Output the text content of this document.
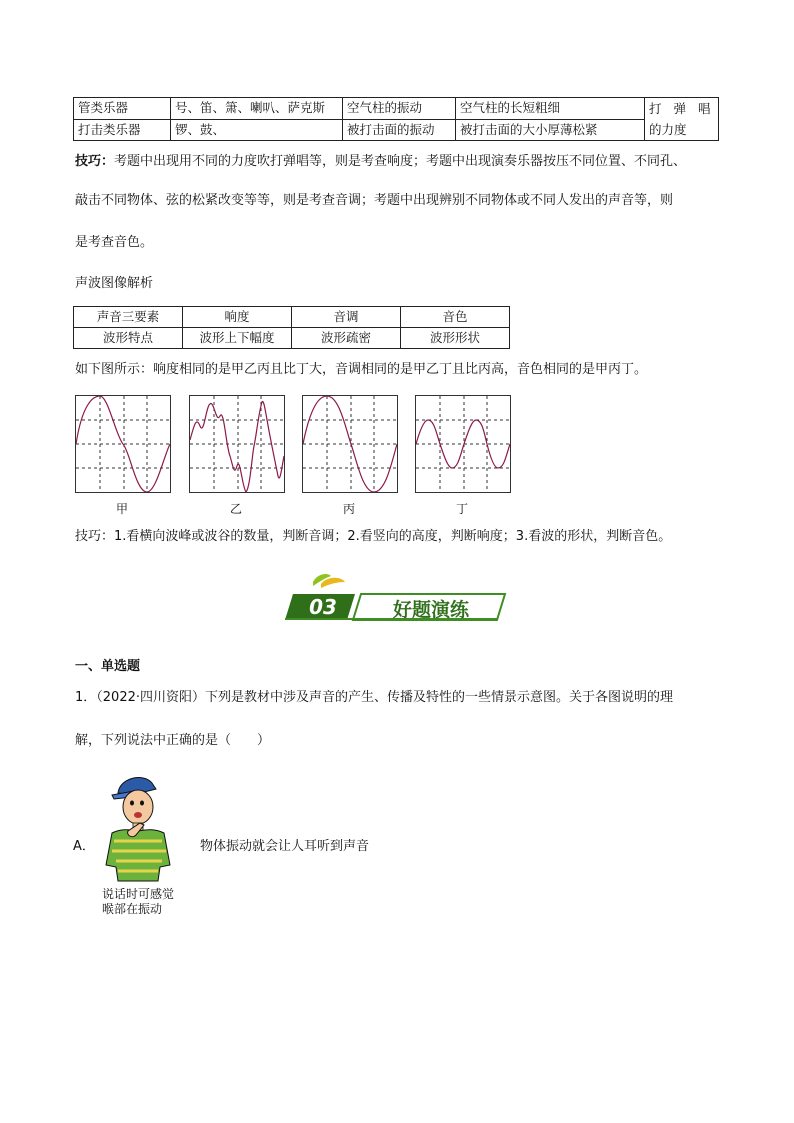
管类乐器	号、笛、箫、喇叭、萨克斯	空气柱的振动	空气柱的长短粗细	打 弹 唱
的力度

打击类乐器	锣、鼓、	被打击面的振动	被打击面的大小厚薄松紧	
技巧：考题中出现用不同的力度吹打弹唱等，则是考查响度；考题中出现演奏乐器按压不同位置、不同孔、
敲击不同物体、弦的松紧改变等等，则是考查音调；考题中出现辨别不同物体或不同人发出的声音等，则
是考查音色。
声波图像解析
声音三要素	响度	音调	音色
波形特点	波形上下幅度	波形疏密	波形形状
如下图所示：响度相同的是甲乙丙且比丁大，音调相同的是甲乙丁且比丙高，音色相同的是甲丙丁。
甲	乙	丙	丁
技巧：1.看横向波峰或波谷的数量，判断音调；2.看竖向的高度，判断响度；3.看波的形状，判断音色。
03	好题演练
一、单选题
1．（2022·四川资阳）下列是教材中涉及声音的产生、传播及特性的一些情景示意图。关于各图说明的理
解，下列说法中正确的是（　　）
A．	物体振动就会让人耳听到声音
说话时可感觉
喉部在振动
